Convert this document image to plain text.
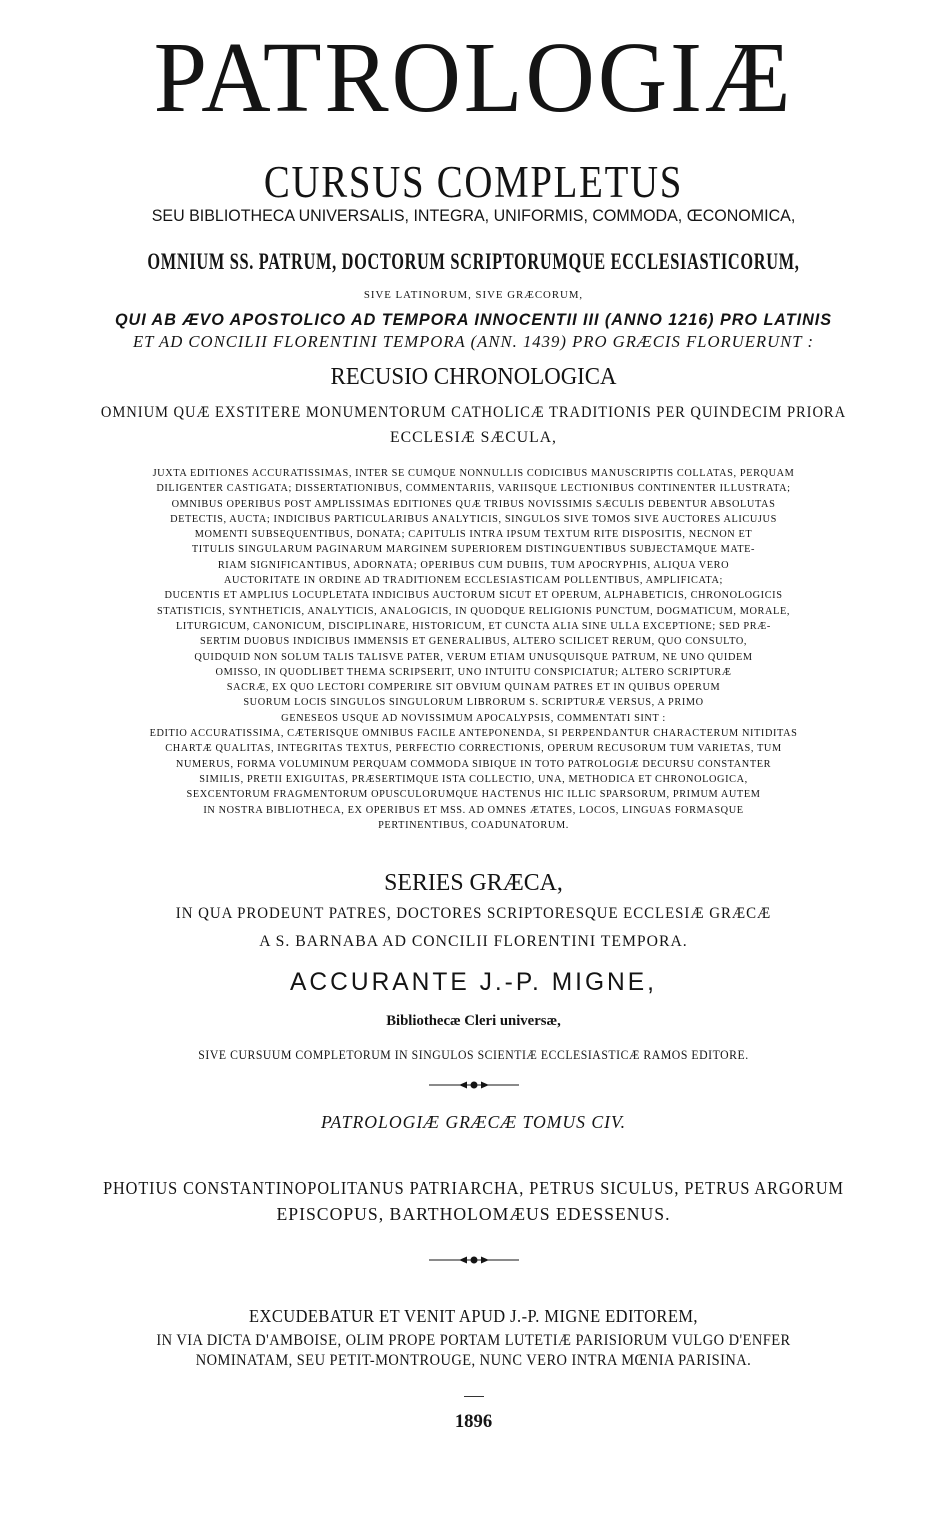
PATROLOGIÆ
CURSUS COMPLETUS
SEU BIBLIOTHECA UNIVERSALIS, INTEGRA, UNIFORMIS, COMMODA, ŒCONOMICA,
OMNIUM SS. PATRUM, DOCTORUM SCRIPTORUMQUE ECCLESIASTICORUM,
SIVE LATINORUM, SIVE GRÆCORUM,
QUI AB ÆVO APOSTOLICO AD TEMPORA INNOCENTII III (ANNO 1216) PRO LATINIS
ET AD CONCILII FLORENTINI TEMPORA (ANN. 1439) PRO GRÆCIS FLORUERUNT :
RECUSIO CHRONOLOGICA
OMNIUM QUÆ EXSTITERE MONUMENTORUM CATHOLICÆ TRADITIONIS PER QUINDECIM PRIORA
ECCLESIÆ SÆCULA,
JUXTA EDITIONES ACCURATISSIMAS, INTER SE CUMQUE NONNULLIS CODICIBUS MANUSCRIPTIS COLLATAS, PERQUAM
DILIGENTER CASTIGATA; DISSERTATIONIBUS, COMMENTARIIS, VARIISQUE LECTIONIBUS CONTINENTER ILLUSTRATA;
OMNIBUS OPERIBUS POST AMPLISSIMAS EDITIONES QUÆ TRIBUS NOVISSIMIS SÆCULIS DEBENTUR ABSOLUTAS
DETECTIS, AUCTA; INDICIBUS PARTICULARIBUS ANALYTICIS, SINGULOS SIVE TOMOS SIVE AUCTORES ALICUJUS
MOMENTI SUBSEQUENTIBUS, DONATA; CAPITULIS INTRA IPSUM TEXTUM RITE DISPOSITIS, NECNON ET
TITULIS SINGULARUM PAGINARUM MARGINEM SUPERIOREM DISTINGUENTIBUS SUBJECTAMQUE MATE-
RIAM SIGNIFICANTIBUS, ADORNATA; OPERIBUS CUM DUBIIS, TUM APOCRYPHIS, ALIQUA VERO
AUCTORITATE IN ORDINE AD TRADITIONEM ECCLESIASTICAM POLLENTIBUS, AMPLIFICATA;
DUCENTIS ET AMPLIUS LOCUPLETATA INDICIBUS AUCTORUM SICUT ET OPERUM, ALPHABETICIS, CHRONOLOGICIS
STATISTICIS, SYNTHETICIS, ANALYTICIS, ANALOGICIS, IN QUODQUE RELIGIONIS PUNCTUM, DOGMATICUM, MORALE,
LITURGICUM, CANONICUM, DISCIPLINARE, HISTORICUM, ET CUNCTA ALIA SINE ULLA EXCEPTIONE; SED PRÆ-
SERTIM DUOBUS INDICIBUS IMMENSIS ET GENERALIBUS, ALTERO SCILICET RERUM, QUO CONSULTO,
QUIDQUID NON SOLUM TALIS TALISVE PATER, VERUM ETIAM UNUSQUISQUE PATRUM, NE UNO QUIDEM
OMISSO, IN QUODLIBET THEMA SCRIPSERIT, UNO INTUITU CONSPICIATUR; ALTERO SCRIPTURÆ
SACRÆ, EX QUO LECTORI COMPERIRE SIT OBVIUM QUINAM PATRES ET IN QUIBUS OPERUM
SUORUM LOCIS SINGULOS SINGULORUM LIBRORUM S. SCRIPTURÆ VERSUS, A PRIMO
GENESEOS USQUE AD NOVISSIMUM APOCALYPSIS, COMMENTATI SINT :
EDITIO ACCURATISSIMA, CÆTERISQUE OMNIBUS FACILE ANTEPONENDA, SI PERPENDANTUR CHARACTERUM NITIDITAS
CHARTÆ QUALITAS, INTEGRITAS TEXTUS, PERFECTIO CORRECTIONIS, OPERUM RECUSORUM TUM VARIETAS, TUM
NUMERUS, FORMA VOLUMINUM PERQUAM COMMODA SIBIQUE IN TOTO PATROLOGIÆ DECURSU CONSTANTER
SIMILIS, PRETII EXIGUITAS, PRÆSERTIMQUE ISTA COLLECTIO, UNA, METHODICA ET CHRONOLOGICA,
SEXCENTORUM FRAGMENTORUM OPUSCULORUMQUE HACTENUS HIC ILLIC SPARSORUM, PRIMUM AUTEM
IN NOSTRA BIBLIOTHECA, EX OPERIBUS ET MSS. AD OMNES ÆTATES, LOCOS, LINGUAS FORMASQUE
PERTINENTIBUS, COADUNATORUM.
SERIES GRÆCA,
IN QUA PRODEUNT PATRES, DOCTORES SCRIPTORESQUE ECCLESIÆ GRÆCÆ
A S. BARNABA AD CONCILII FLORENTINI TEMPORA.
ACCURANTE J.-P. MIGNE,
Bibliothecæ Cleri universæ,
SIVE CURSUUM COMPLETORUM IN SINGULOS SCIENTIÆ ECCLESIASTICÆ RAMOS EDITORE.
PATROLOGIÆ GRÆCÆ TOMUS CIV.
PHOTIUS CONSTANTINOPOLITANUS PATRIARCHA, PETRUS SICULUS, PETRUS ARGORUM
EPISCOPUS, BARTHOLOMÆUS EDESSENUS.
EXCUDEBATUR ET VENIT APUD J.-P. MIGNE EDITOREM,
IN VIA DICTA D'AMBOISE, OLIM PROPE PORTAM LUTETIÆ PARISIORUM VULGO D'ENFER
NOMINATAM, SEU PETIT-MONTROUGE, NUNC VERO INTRA MŒNIA PARISINA.
1896
